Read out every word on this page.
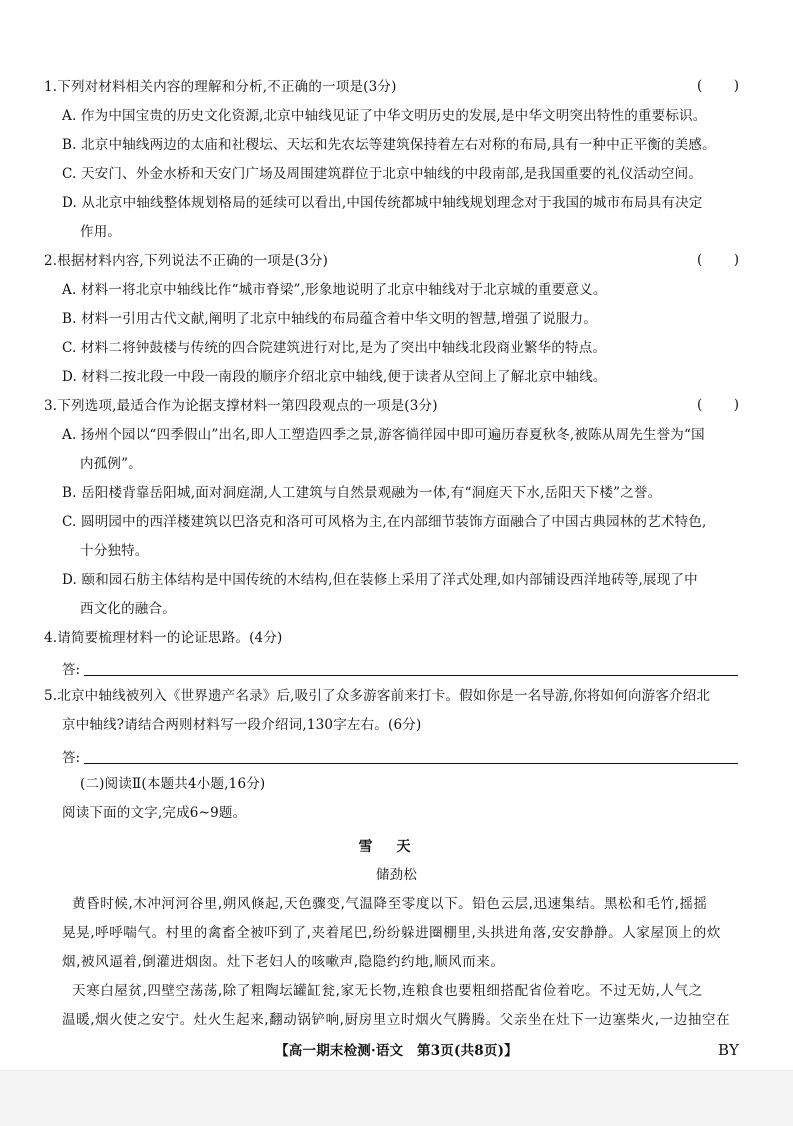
1.下列对材料相关内容的理解和分析,不正确的一项是(3分)	( )
A. 作为中国宝贵的历史文化资源,北京中轴线见证了中华文明历史的发展,是中华文明突出特性的重要标识。
B. 北京中轴线两边的太庙和社稷坛、天坛和先农坛等建筑保持着左右对称的布局,具有一种中正平衡的美感。
C. 天安门、外金水桥和天安门广场及周围建筑群位于北京中轴线的中段南部,是我国重要的礼仪活动空间。
D. 从北京中轴线整体规划格局的延续可以看出,中国传统都城中轴线规划理念对于我国的城市布局具有决定
作用。
2.根据材料内容,下列说法不正确的一项是(3分)	( )
A. 材料一将北京中轴线比作“城市脊梁”,形象地说明了北京中轴线对于北京城的重要意义。
B. 材料一引用古代文献,阐明了北京中轴线的布局蕴含着中华文明的智慧,增强了说服力。
C. 材料二将钟鼓楼与传统的四合院建筑进行对比,是为了突出中轴线北段商业繁华的特点。
D. 材料二按北段一中段一南段的顺序介绍北京中轴线,便于读者从空间上了解北京中轴线。
3.下列选项,最适合作为论据支撑材料一第四段观点的一项是(3分)	( )
A. 扬州个园以“四季假山”出名,即人工塑造四季之景,游客徜徉园中即可遍历春夏秋冬,被陈从周先生誉为“国
内孤例”。
B. 岳阳楼背靠岳阳城,面对洞庭湖,人工建筑与自然景观融为一体,有“洞庭天下水,岳阳天下楼”之誉。
C. 圆明园中的西洋楼建筑以巴洛克和洛可可风格为主,在内部细节装饰方面融合了中国古典园林的艺术特色,
十分独特。
D. 颐和园石舫主体结构是中国传统的木结构,但在装修上采用了洋式处理,如内部铺设西洋地砖等,展现了中
西文化的融合。
4.请简要梳理材料一的论证思路。(4分)
答:
5.北京中轴线被列入《世界遗产名录》后,吸引了众多游客前来打卡。假如你是一名导游,你将如何向游客介绍北
京中轴线?请结合两则材料写一段介绍词,130字左右。(6分)
答:
(二)阅读Ⅱ(本题共4小题,16分)
阅读下面的文字,完成6~9题。
雪天
储劲松
黄昏时候,木冲河河谷里,朔风倏起,天色骤变,气温降至零度以下。铅色云层,迅速集结。黑松和毛竹,摇摇
晃晃,呼呼喘气。村里的禽畜全被吓到了,夹着尾巴,纷纷躲进圈棚里,头拱进角落,安安静静。人家屋顶上的炊
烟,被风逼着,倒灌进烟囱。灶下老妇人的咳嗽声,隐隐约约地,顺风而来。
天寒白屋贫,四壁空荡荡,除了粗陶坛罐缸瓮,家无长物,连粮食也要粗细搭配省俭着吃。不过无妨,人气之
温暖,烟火使之安宁。灶火生起来,翻动锅铲响,厨房里立时烟火气腾腾。父亲坐在灶下一边塞柴火,一边抽空在
【高一期末检测·语文　第3页(共8页)】	BY
